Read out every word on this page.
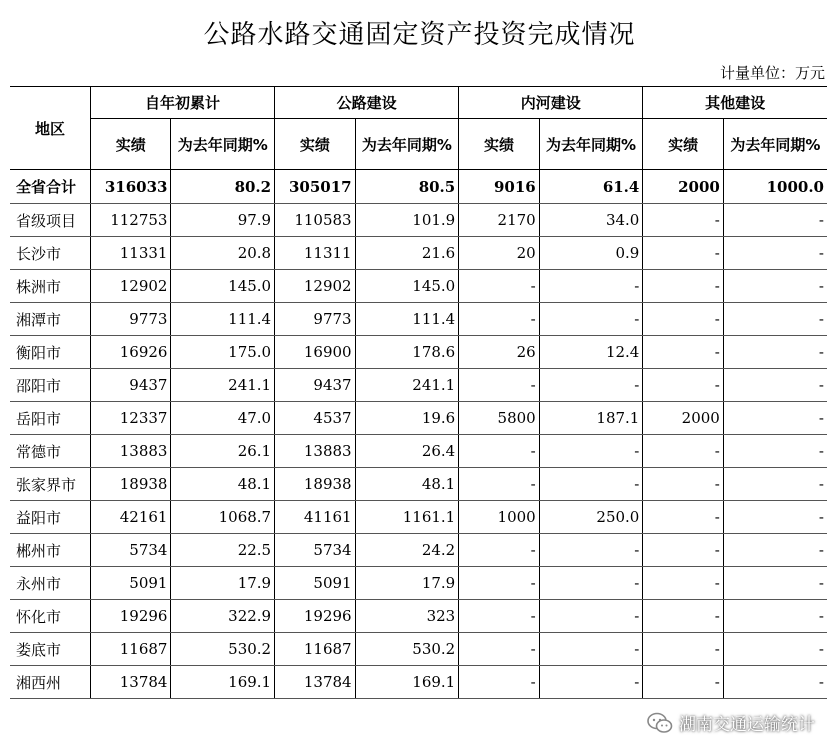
公路水路交通固定资产投资完成情况
计量单位：万元
地区	自年初累计		公路建设		内河建设		其他建设	
	实绩	为去年同期%	实绩	为去年同期%	实绩	为去年同期%	实绩	为去年同期%
全省合计	316033	80.2	305017	80.5	9016	61.4	2000	1000.0
省级项目	112753	97.9	110583	101.9	2170	34.0	-	-
长沙市	11331	20.8	11311	21.6	20	0.9	-	-
株洲市	12902	145.0	12902	145.0	-	-	-	-
湘潭市	9773	111.4	9773	111.4	-	-	-	-
衡阳市	16926	175.0	16900	178.6	26	12.4	-	-
邵阳市	9437	241.1	9437	241.1	-	-	-	-
岳阳市	12337	47.0	4537	19.6	5800	187.1	2000	-
常德市	13883	26.1	13883	26.4	-	-	-	-
张家界市	18938	48.1	18938	48.1	-	-	-	-
益阳市	42161	1068.7	41161	1161.1	1000	250.0	-	-
郴州市	5734	22.5	5734	24.2	-	-	-	-
永州市	5091	17.9	5091	17.9	-	-	-	-
怀化市	19296	322.9	19296	323	-	-	-	-
娄底市	11687	530.2	11687	530.2	-	-	-	-
湘西州	13784	169.1	13784	169.1	-	-	-	-
湖南交通运输统计
